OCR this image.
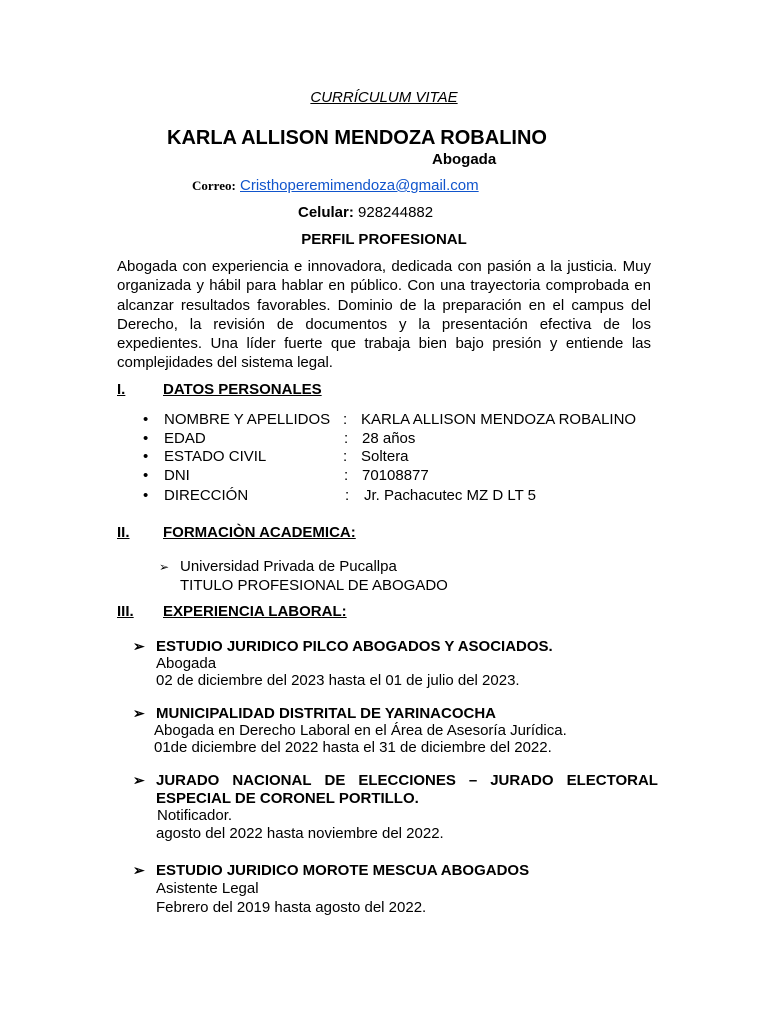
CURRÍCULUM VITAE
KARLA ALLISON MENDOZA ROBALINO
Abogada
Correo: Cristhoperemimendoza@gmail.com
Celular: 928244882
PERFIL PROFESIONAL
Abogada con experiencia e innovadora, dedicada con pasión a la justicia. Muy organizada y hábil para hablar en público. Con una trayectoria comprobada en alcanzar resultados favorables. Dominio de la preparación en el campus del Derecho, la revisión de documentos y la presentación efectiva de los expedientes. Una líder fuerte que trabaja bien bajo presión y entiende las complejidades del sistema legal.
I.	DATOS PERSONALES
• NOMBRE Y APELLIDOS : KARLA ALLISON MENDOZA ROBALINO
• EDAD	: 28 años
• ESTADO CIVIL	: Soltera
• DNI	: 70108877
• DIRECCIÓN	: Jr. Pachacutec MZ D LT 5
II. FORMACIÒN ACADEMICA:
➢ Universidad Privada de Pucallpa
TITULO PROFESIONAL DE ABOGADO
III. EXPERIENCIA LABORAL:
➢ ESTUDIO JURIDICO PILCO ABOGADOS Y ASOCIADOS.
Abogada
02 de diciembre del 2023 hasta el 01 de julio del 2023.
➢ MUNICIPALIDAD DISTRITAL DE YARINACOCHA
Abogada en Derecho Laboral en el Área de Asesoría Jurídica.
01de diciembre del 2022 hasta el 31 de diciembre del 2022.
➢ JURADO NACIONAL DE ELECCIONES – JURADO ELECTORAL
ESPECIAL DE CORONEL PORTILLO.
Notificador.
agosto del 2022 hasta noviembre del 2022.
➢ ESTUDIO JURIDICO MOROTE MESCUA ABOGADOS
Asistente Legal
Febrero del 2019 hasta agosto del 2022.
